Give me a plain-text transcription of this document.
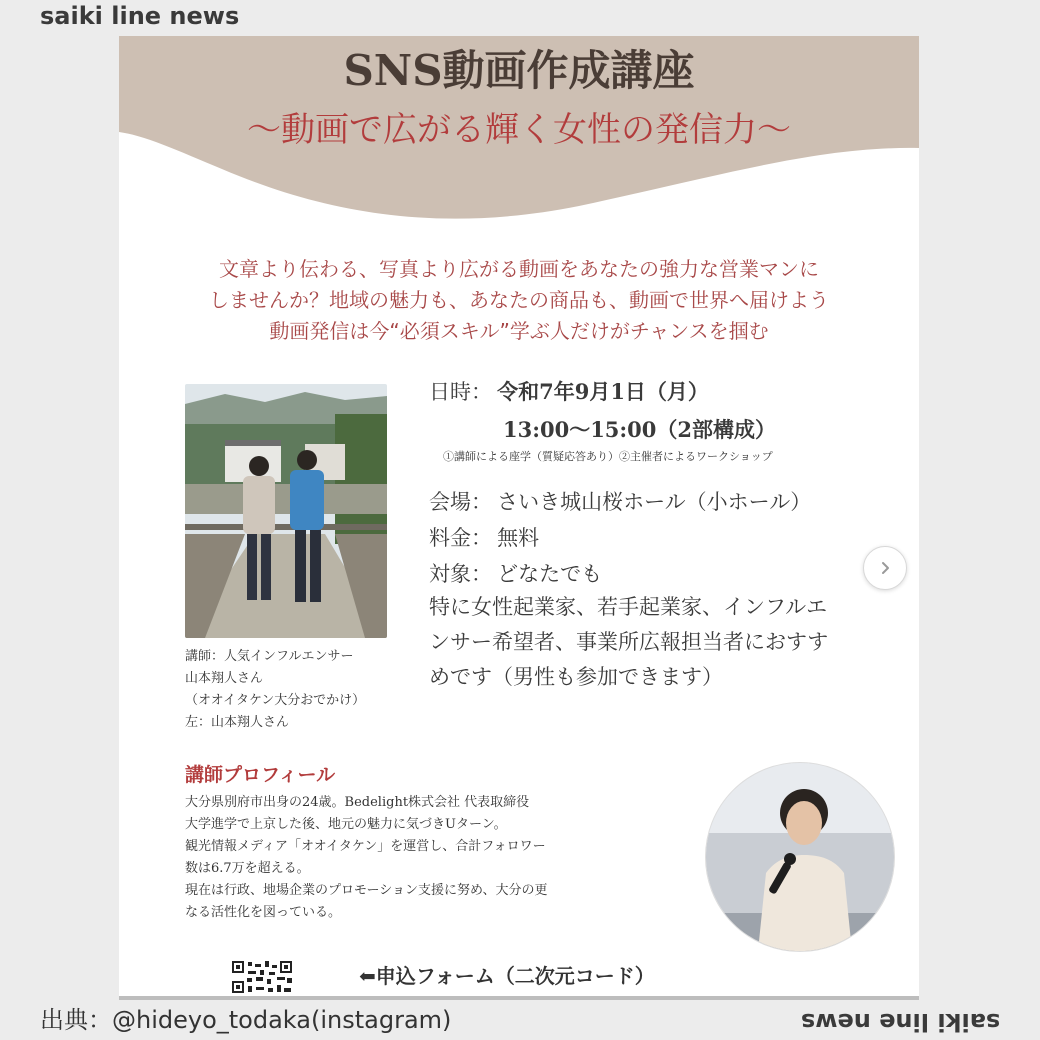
saiki line news
SNS動画作成講座
～動画で広がる輝く女性の発信力～
文章より伝わる、写真より広がる動画をあなたの強力な営業マンに
しませんか？地域の魅力も、あなたの商品も、動画で世界へ届けよう
動画発信は今“必須スキル”学ぶ人だけがチャンスを掴む
講師：人気インフルエンサー
山本翔人さん
（オオイタケン大分おでかけ）
左：山本翔人さん
日時： 令和7年9月1日（月）
13:00～15:00（2部構成）
①講師による座学（質疑応答あり）②主催者によるワークショップ
会場： さいき城山桜ホール（小ホール）
料金： 無料
対象： どなたでも
特に女性起業家、若手起業家、インフルエ
ンサー希望者、事業所広報担当者におすす
めです（男性も参加できます）
講師プロフィール
大分県別府市出身の24歳。Bedelight株式会社 代表取締役
大学進学で上京した後、地元の魅力に気づきUターン。
観光情報メディア「オオイタケン」を運営し、合計フォロワー
数は6.7万を超える。
現在は行政、地場企業のプロモーション支援に努め、大分の更
なる活性化を図っている。
⬅申込フォーム（二次元コード）
出典：@hideyo_todaka(instagram)	saiki line news
